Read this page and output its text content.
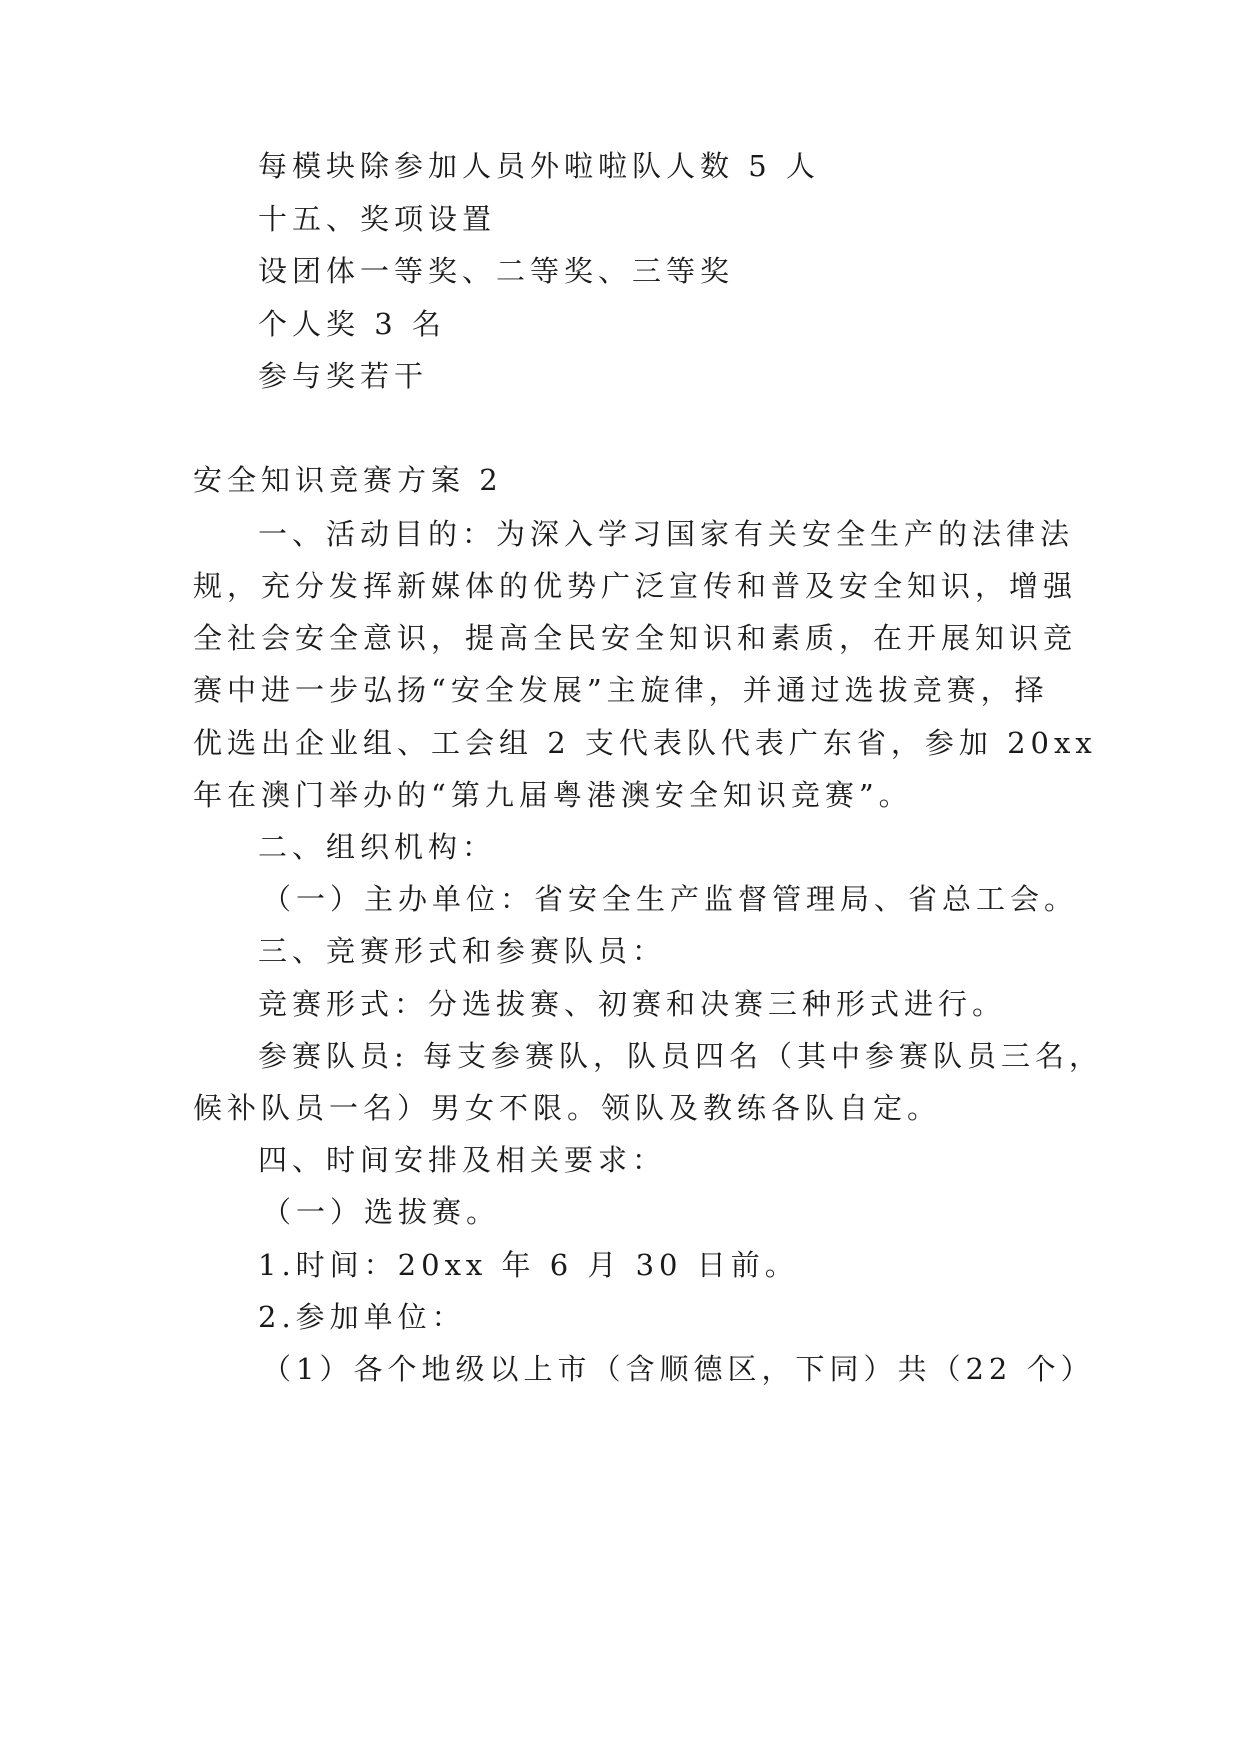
每模块除参加人员外啦啦队人数 5 人
十五、奖项设置
设团体一等奖、二等奖、三等奖
个人奖 3 名
参与奖若干
安全知识竞赛方案 2
一、活动目的：为深入学习国家有关安全生产的法律法
规，充分发挥新媒体的优势广泛宣传和普及安全知识，增强
全社会安全意识，提高全民安全知识和素质，在开展知识竞
赛中进一步弘扬“安全发展”主旋律，并通过选拔竞赛，择
优选出企业组、工会组 2 支代表队代表广东省，参加 20xx
年在澳门举办的“第九届粤港澳安全知识竞赛”。
二、组织机构：
（一）主办单位：省安全生产监督管理局、省总工会。
三、竞赛形式和参赛队员：
竞赛形式：分选拔赛、初赛和决赛三种形式进行。
参赛队员: 每支参赛队，队员四名（其中参赛队员三名，
候补队员一名）男女不限。领队及教练各队自定。
四、时间安排及相关要求：
（一）选拔赛。
1.时间：20xx 年 6 月 30 日前。
2.参加单位：
（1）各个地级以上市（含顺德区，下同）共（22 个）
